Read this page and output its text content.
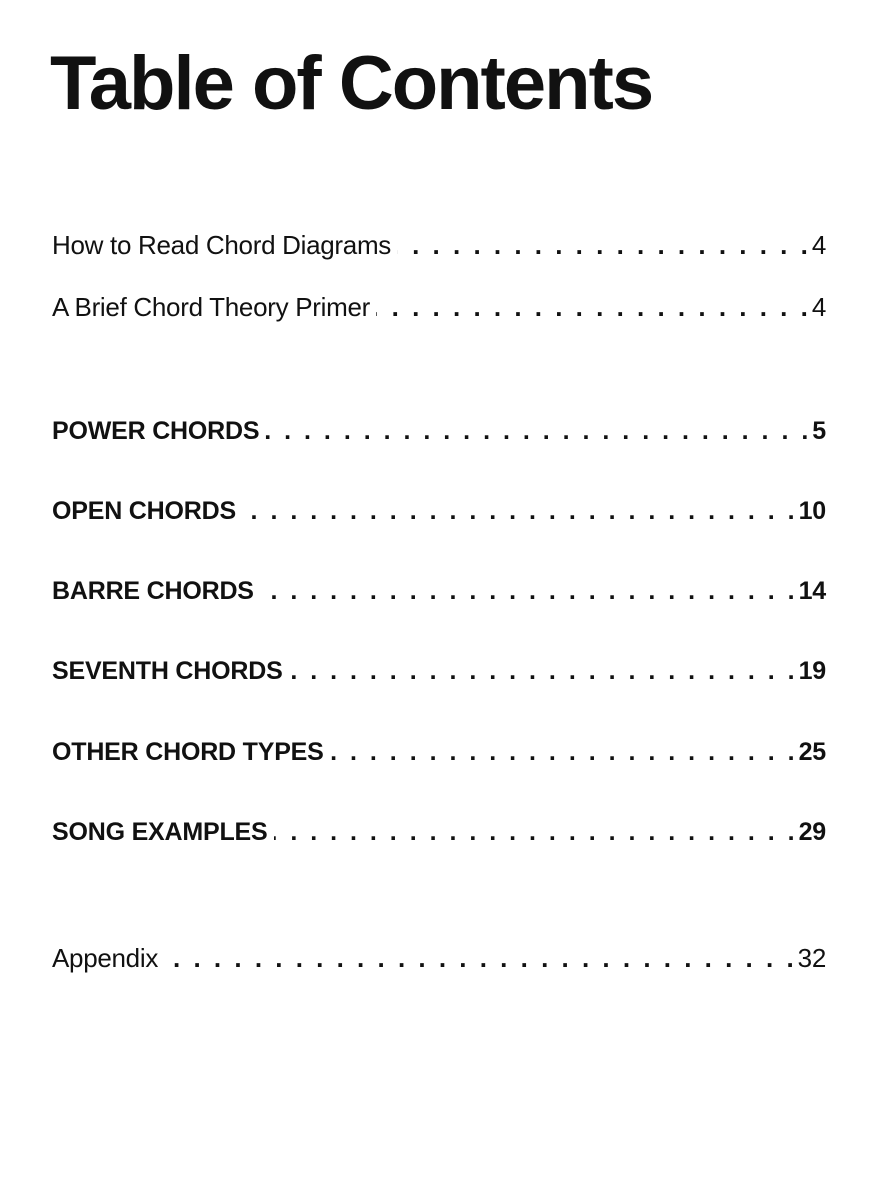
Table of Contents
How to Read Chord Diagrams . . .	4
A Brief Chord Theory Primer . . .	4
POWER CHORDS . . .	5
OPEN CHORDS . . .	10
BARRE CHORDS . . .	14
SEVENTH CHORDS . . .	19
OTHER CHORD TYPES . . .	25
SONG EXAMPLES . . .	29
Appendix . . .	32
